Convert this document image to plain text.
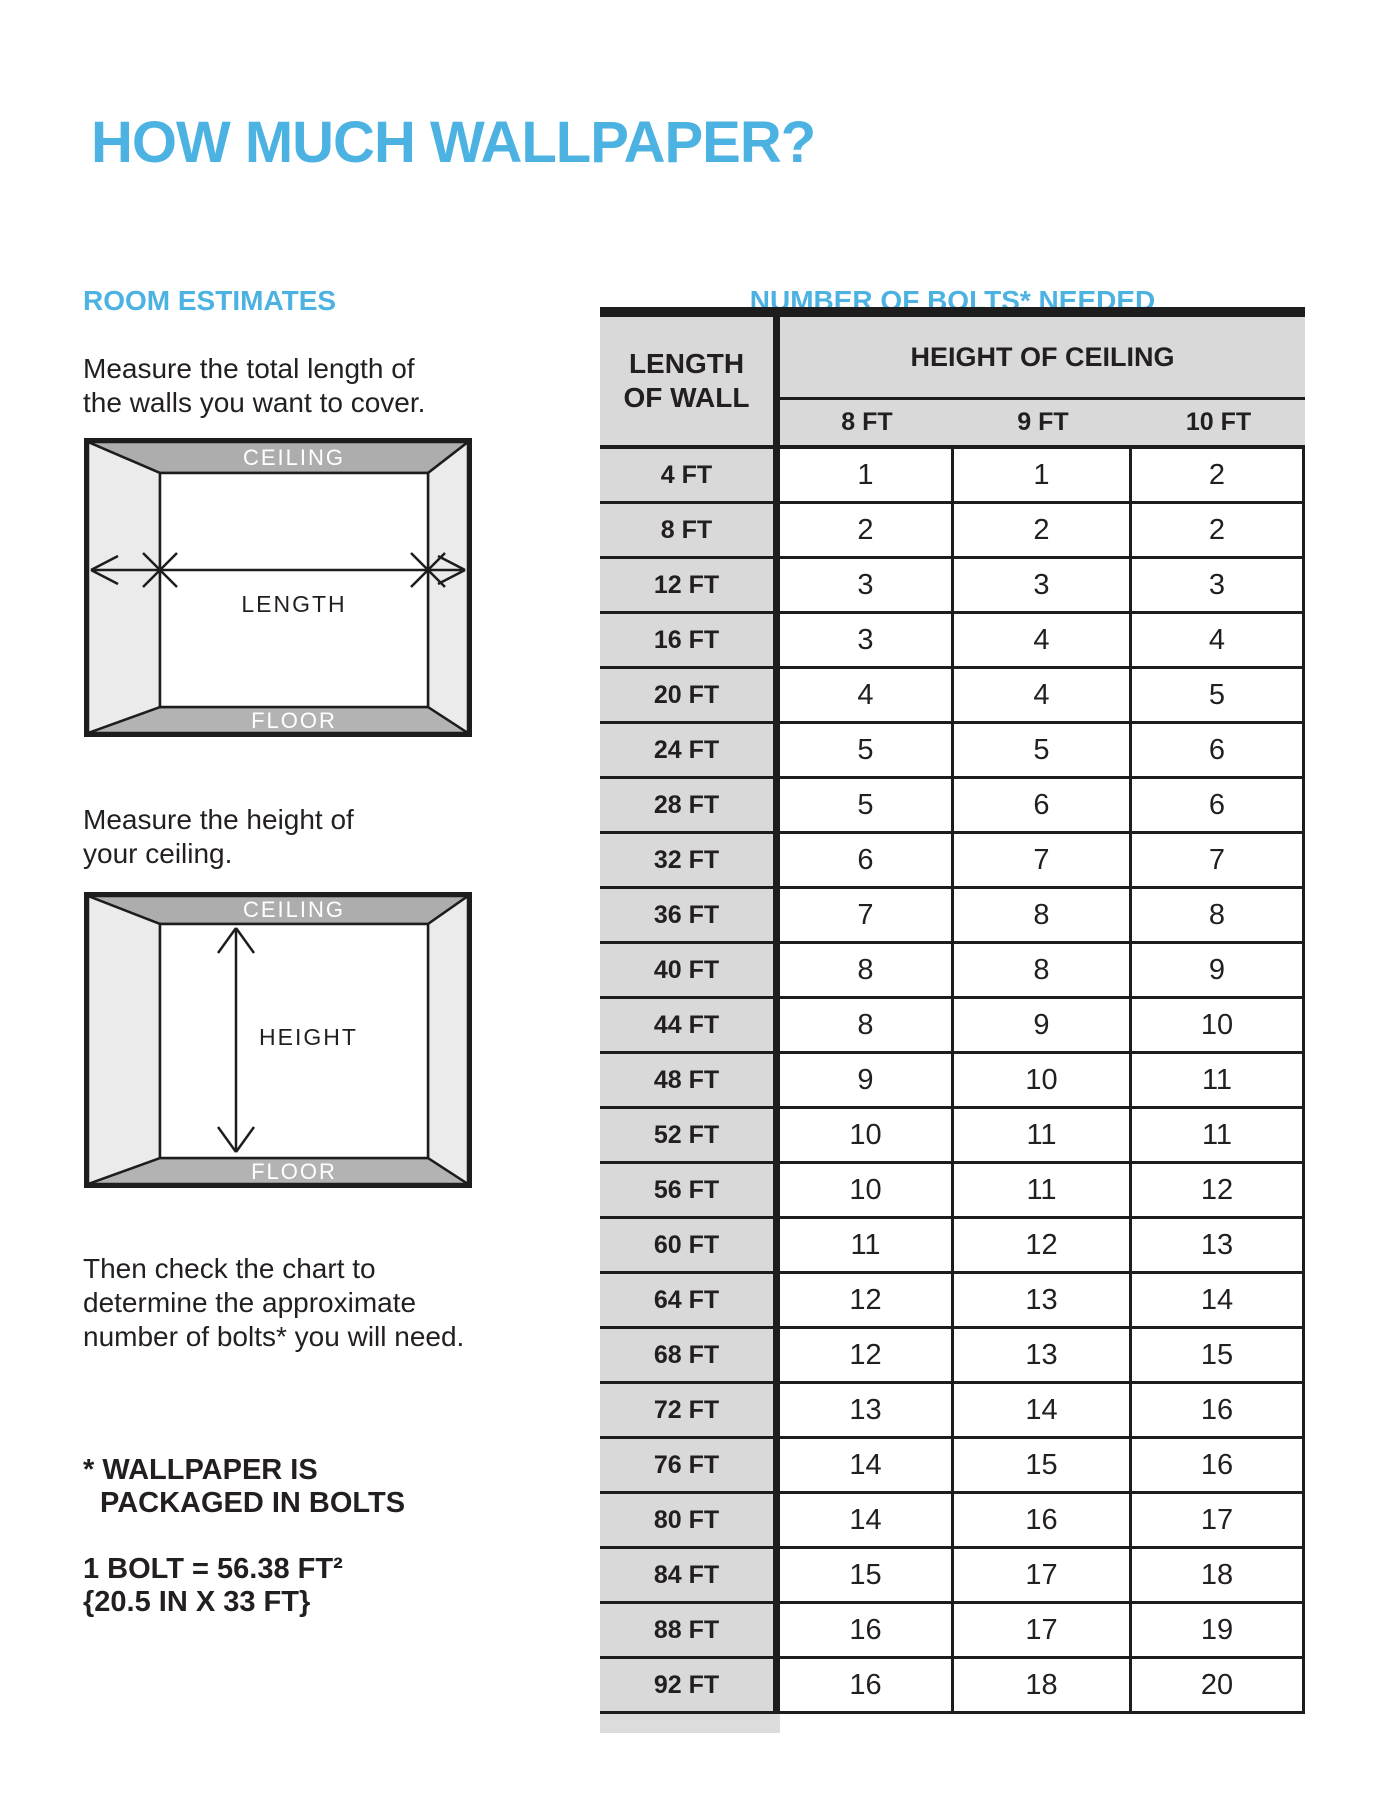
HOW MUCH WALLPAPER?
ROOM ESTIMATES	NUMBER OF BOLTS* NEEDED

Measure the total length of
the walls you want to cover.

CEILING
FLOOR
LENGTH

Measure the height of
your ceiling.

CEILING
FLOOR
HEIGHT

Then check the chart to
determine the approximate
number of bolts* you will need.

* WALLPAPER IS
PACKAGED IN BOLTS

1 BOLT = 56.38 FT²
{20.5 IN X 33 FT}

LENGTH
OF WALL
HEIGHT OF CEILING
8 FT	9 FT	10 FT
4 FT	1	1	2
8 FT	2	2	2
12 FT	3	3	3
16 FT	3	4	4
20 FT	4	4	5
24 FT	5	5	6
28 FT	5	6	6
32 FT	6	7	7
36 FT	7	8	8
40 FT	8	8	9
44 FT	8	9	10
48 FT	9	10	11
52 FT	10	11	11
56 FT	10	11	12
60 FT	11	12	13
64 FT	12	13	14
68 FT	12	13	15
72 FT	13	14	16
76 FT	14	15	16
80 FT	14	16	17
84 FT	15	17	18
88 FT	16	17	19
92 FT	16	18	20
